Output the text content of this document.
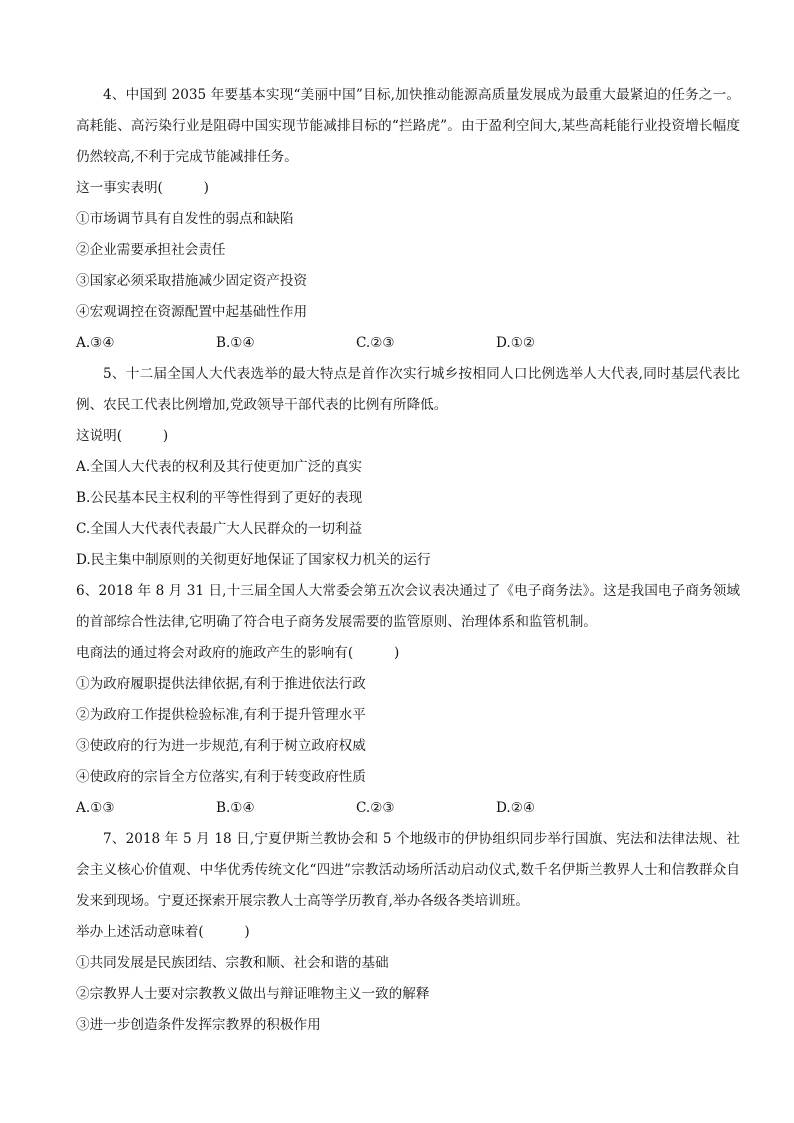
4、中国到 2035 年要基本实现“美丽中国”目标,加快推动能源高质量发展成为最重大最紧迫的任务之一。高耗能、高污染行业是阻碍中国实现节能减排目标的“拦路虎”。由于盈利空间大,某些高耗能行业投资增长幅度仍然较高,不利于完成节能减排任务。
这一事实表明(　　　)
①市场调节具有自发性的弱点和缺陷
②企业需要承担社会责任
③国家必须采取措施减少固定资产投资
④宏观调控在资源配置中起基础性作用
A.③④	B.①④	C.②③	D.①②
5、十二届全国人大代表选举的最大特点是首作次实行城乡按相同人口比例选举人大代表,同时基层代表比例、农民工代表比例增加,党政领导干部代表的比例有所降低。
这说明(　　　)
A.全国人大代表的权利及其行使更加广泛的真实
B.公民基本民主权利的平等性得到了更好的表现
C.全国人大代表代表最广大人民群众的一切利益
D.民主集中制原则的关彻更好地保证了国家权力机关的运行
6、2018 年 8 月 31 日,十三届全国人大常委会第五次会议表决通过了《电子商务法》。这是我国电子商务领域的首部综合性法律,它明确了符合电子商务发展需要的监管原则、治理体系和监管机制。
电商法的通过将会对政府的施政产生的影响有(　　　)
①为政府履职提供法律依据,有利于推进依法行政
②为政府工作提供检验标准,有利于提升管理水平
③使政府的行为进一步规范,有利于树立政府权威
④使政府的宗旨全方位落实,有利于转变政府性质
A.①③	B.①④	C.②③	D.②④
7、2018 年 5 月 18 日,宁夏伊斯兰教协会和 5 个地级市的伊协组织同步举行国旗、宪法和法律法规、社会主义核心价值观、中华优秀传统文化“四进”宗教活动场所活动启动仪式,数千名伊斯兰教界人士和信教群众自发来到现场。宁夏还探索开展宗教人士高等学历教育,举办各级各类培训班。
举办上述活动意味着(　　　)
①共同发展是民族团结、宗教和顺、社会和谐的基础
②宗教界人士要对宗教教义做出与辩证唯物主义一致的解释
③进一步创造条件发挥宗教界的积极作用
